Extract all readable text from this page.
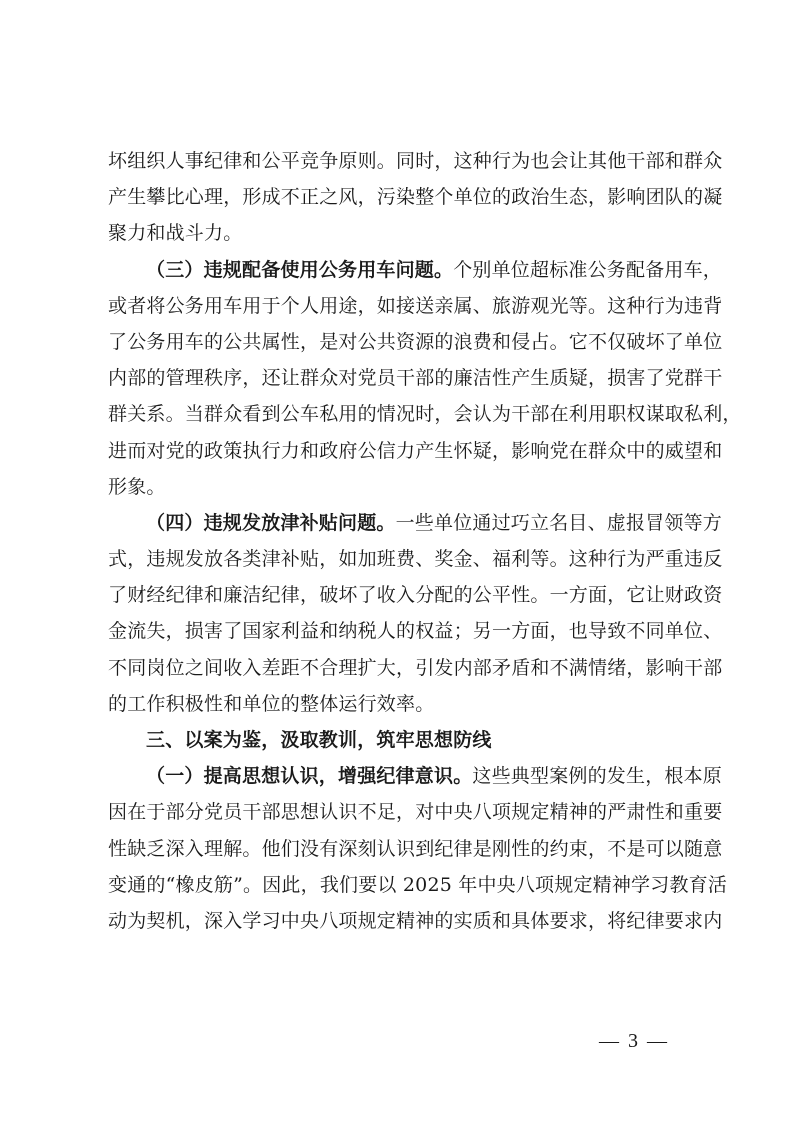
坏组织人事纪律和公平竞争原则。同时，这种行为也会让其他干部和群众
产生攀比心理，形成不正之风，污染整个单位的政治生态，影响团队的凝
聚力和战斗力。
（三）违规配备使用公务用车问题。个别单位超标准公务配备用车，
或者将公务用车用于个人用途，如接送亲属、旅游观光等。这种行为违背
了公务用车的公共属性，是对公共资源的浪费和侵占。它不仅破坏了单位
内部的管理秩序，还让群众对党员干部的廉洁性产生质疑，损害了党群干
群关系。当群众看到公车私用的情况时，会认为干部在利用职权谋取私利，
进而对党的政策执行力和政府公信力产生怀疑，影响党在群众中的威望和
形象。
（四）违规发放津补贴问题。一些单位通过巧立名目、虚报冒领等方
式，违规发放各类津补贴，如加班费、奖金、福利等。这种行为严重违反
了财经纪律和廉洁纪律，破坏了收入分配的公平性。一方面，它让财政资
金流失，损害了国家利益和纳税人的权益；另一方面，也导致不同单位、
不同岗位之间收入差距不合理扩大，引发内部矛盾和不满情绪，影响干部
的工作积极性和单位的整体运行效率。
三、以案为鉴，汲取教训，筑牢思想防线
（一）提高思想认识，增强纪律意识。这些典型案例的发生，根本原
因在于部分党员干部思想认识不足，对中央八项规定精神的严肃性和重要
性缺乏深入理解。他们没有深刻认识到纪律是刚性的约束，不是可以随意
变通的“橡皮筋”。因此，我们要以 2025 年中央八项规定精神学习教育活
动为契机，深入学习中央八项规定精神的实质和具体要求，将纪律要求内
— 3 —
